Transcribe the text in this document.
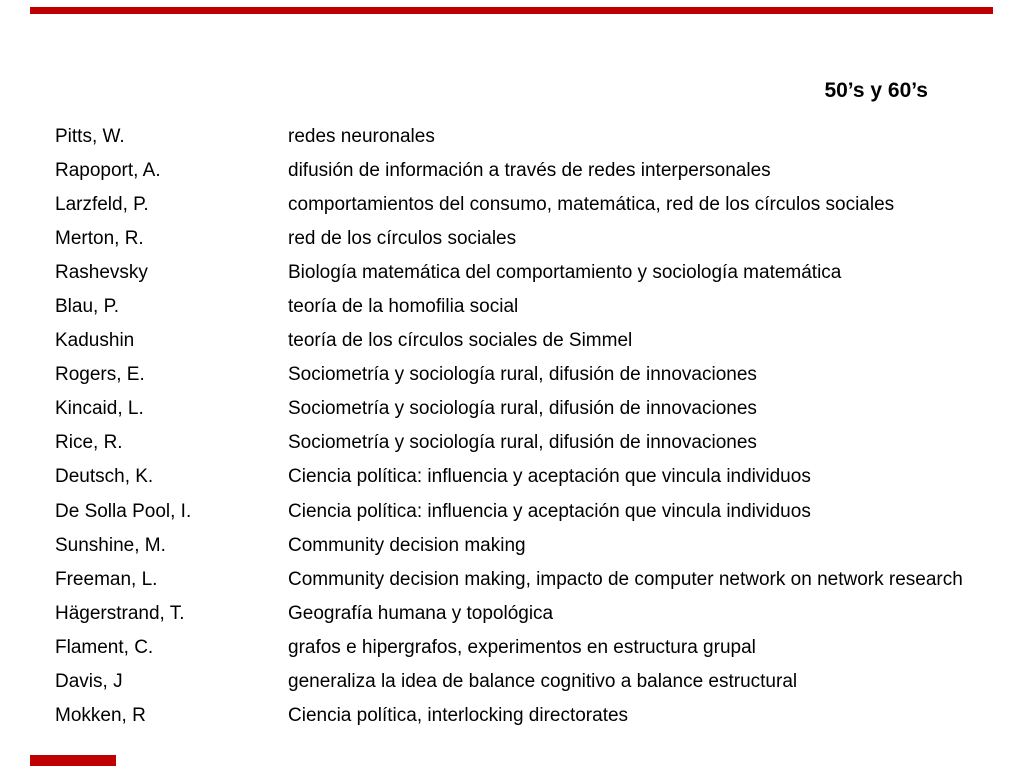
50’s y 60’s
Pitts, W.	redes neuronales
Rapoport, A.	difusión de información a través de redes interpersonales
Larzfeld, P.	comportamientos del consumo, matemática, red de los círculos sociales
Merton, R.	red de los círculos sociales
Rashevsky	Biología matemática del comportamiento y sociología matemática
Blau, P.	teoría de la homofilia social
Kadushin	teoría de los círculos sociales de Simmel
Rogers, E.	Sociometría y sociología rural, difusión de innovaciones
Kincaid, L.	Sociometría y sociología rural, difusión de innovaciones
Rice, R.	Sociometría y sociología rural, difusión de innovaciones
Deutsch, K.	Ciencia política: influencia y aceptación que vincula individuos
De Solla Pool, I.	Ciencia política: influencia y aceptación que vincula individuos
Sunshine, M.	Community decision making
Freeman, L.	Community decision making, impacto de computer network on network research
Hägerstrand, T.	Geografía humana y topológica
Flament, C.	grafos e hipergrafos, experimentos en estructura grupal
Davis, J	generaliza la idea de balance cognitivo a balance estructural
Mokken, R	Ciencia política, interlocking directorates
